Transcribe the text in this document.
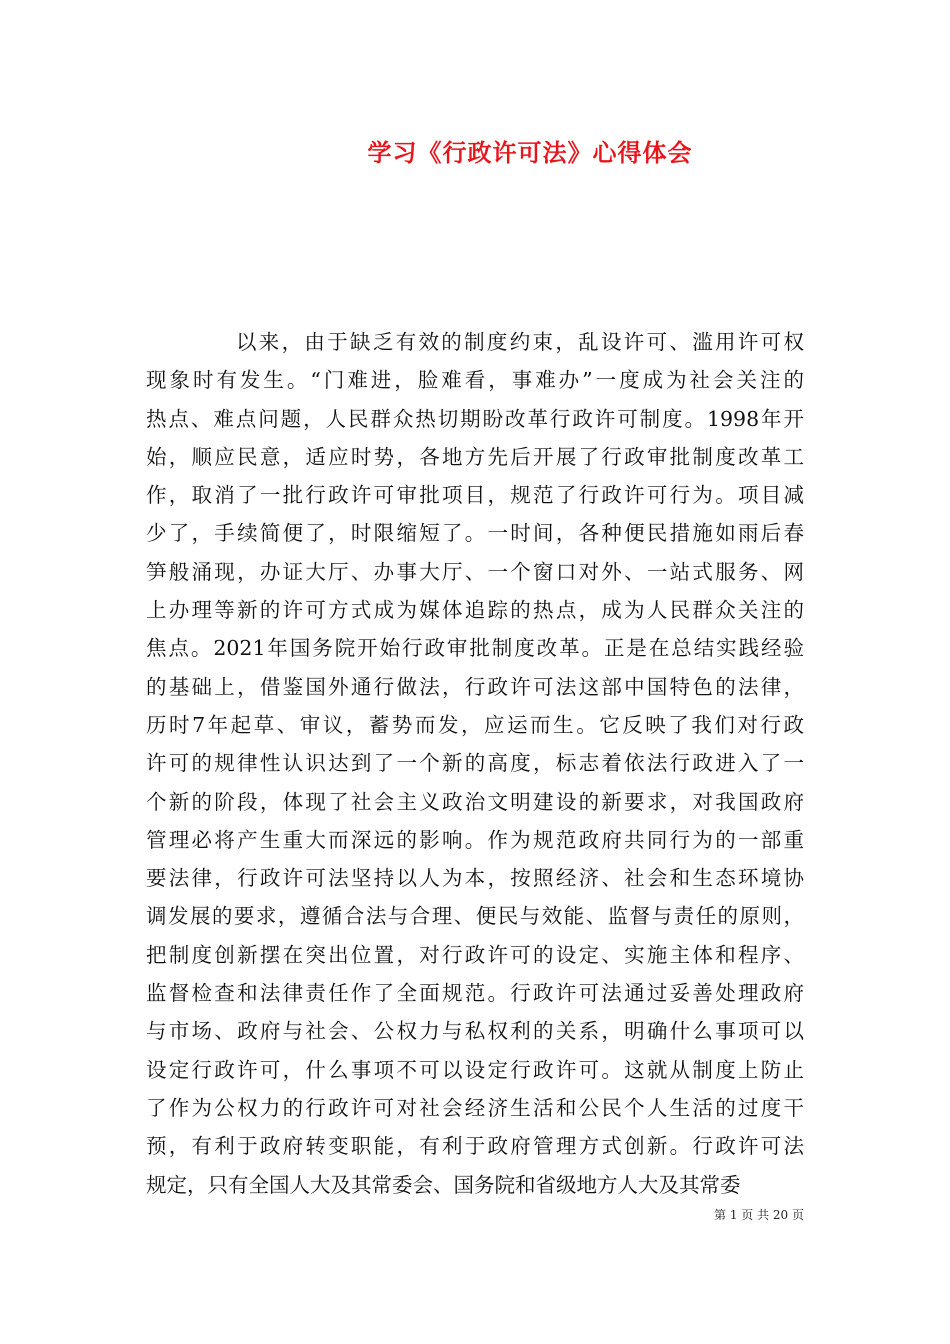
学习《行政许可法》心得体会
以来，由于缺乏有效的制度约束，乱设许可、滥用许可权
现象时有发生。“门难进，脸难看，事难办”一度成为社会关注的
热点、难点问题，人民群众热切期盼改革行政许可制度。1998年开
始，顺应民意，适应时势，各地方先后开展了行政审批制度改革工
作，取消了一批行政许可审批项目，规范了行政许可行为。项目减
少了，手续简便了，时限缩短了。一时间，各种便民措施如雨后春
笋般涌现，办证大厅、办事大厅、一个窗口对外、一站式服务、网
上办理等新的许可方式成为媒体追踪的热点，成为人民群众关注的
焦点。2021年国务院开始行政审批制度改革。正是在总结实践经验
的基础上，借鉴国外通行做法，行政许可法这部中国特色的法律，
历时7年起草、审议，蓄势而发，应运而生。它反映了我们对行政
许可的规律性认识达到了一个新的高度，标志着依法行政进入了一
个新的阶段，体现了社会主义政治文明建设的新要求，对我国政府
管理必将产生重大而深远的影响。作为规范政府共同行为的一部重
要法律，行政许可法坚持以人为本，按照经济、社会和生态环境协
调发展的要求，遵循合法与合理、便民与效能、监督与责任的原则，
把制度创新摆在突出位置，对行政许可的设定、实施主体和程序、
监督检查和法律责任作了全面规范。行政许可法通过妥善处理政府
与市场、政府与社会、公权力与私权利的关系，明确什么事项可以
设定行政许可，什么事项不可以设定行政许可。这就从制度上防止
了作为公权力的行政许可对社会经济生活和公民个人生活的过度干
预，有利于政府转变职能，有利于政府管理方式创新。行政许可法
规定，只有全国人大及其常委会、国务院和省级地方人大及其常委
第 1 页 共 20 页
